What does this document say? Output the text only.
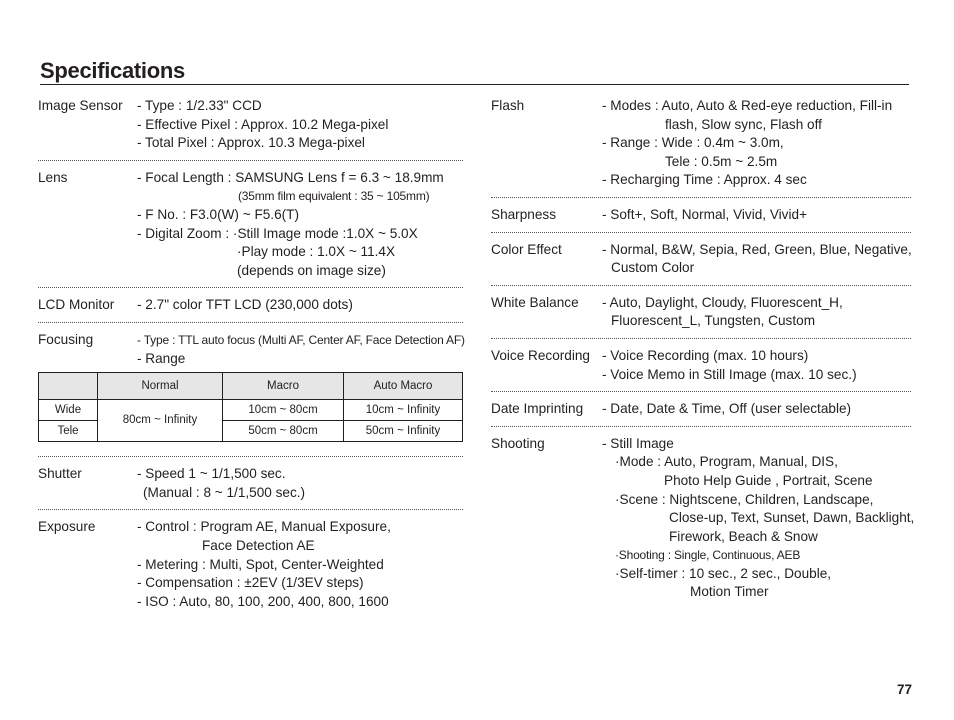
Specifications
Image Sensor - Type : 1/2.33" CCD
- Effective Pixel : Approx. 10.2 Mega-pixel
- Total Pixel : Approx. 10.3 Mega-pixel
Lens	- Focal Length : SAMSUNG Lens f = 6.3 ~ 18.9mm
(35mm film equivalent : 35 ~ 105mm)
- F No. : F3.0(W) ~ F5.6(T)
- Digital Zoom : ·Still Image mode :1.0X ~ 5.0X
·Play mode : 1.0X ~ 11.4X
(depends on image size)
LCD Monitor - 2.7" color TFT LCD (230,000 dots)
Focusing	- Type : TTL auto focus (Multi AF, Center AF, Face Detection AF)
- Range
	Normal	Macro	Auto Macro
Wide	80cm ~ Infinity	10cm ~ 80cm	10cm ~ Infinity
Tele		50cm ~ 80cm	50cm ~ Infinity
Shutter	- Speed 1 ~ 1/1,500 sec.
(Manual : 8 ~ 1/1,500 sec.)
Exposure	- Control : Program AE, Manual Exposure,
Face Detection AE
- Metering : Multi, Spot, Center-Weighted
- Compensation : ±2EV (1/3EV steps)
- ISO : Auto, 80, 100, 200, 400, 800, 1600
Flash	- Modes : Auto, Auto & Red-eye reduction, Fill-in
flash, Slow sync, Flash off
- Range : Wide : 0.4m ~ 3.0m,
Tele : 0.5m ~ 2.5m
- Recharging Time : Approx. 4 sec
Sharpness	- Soft+, Soft, Normal, Vivid, Vivid+
Color Effect	- Normal, B&W, Sepia, Red, Green, Blue, Negative,
Custom Color
White Balance - Auto, Daylight, Cloudy, Fluorescent_H,
Fluorescent_L, Tungsten, Custom
Voice Recording - Voice Recording (max. 10 hours)
- Voice Memo in Still Image (max. 10 sec.)
Date Imprinting - Date, Date & Time, Off (user selectable)
Shooting	- Still Image
·Mode : Auto, Program, Manual, DIS,
Photo Help Guide , Portrait, Scene
·Scene : Nightscene, Children, Landscape,
Close-up, Text, Sunset, Dawn, Backlight,
Firework, Beach & Snow
·Shooting : Single, Continuous, AEB
·Self-timer : 10 sec., 2 sec., Double,
Motion Timer
77
